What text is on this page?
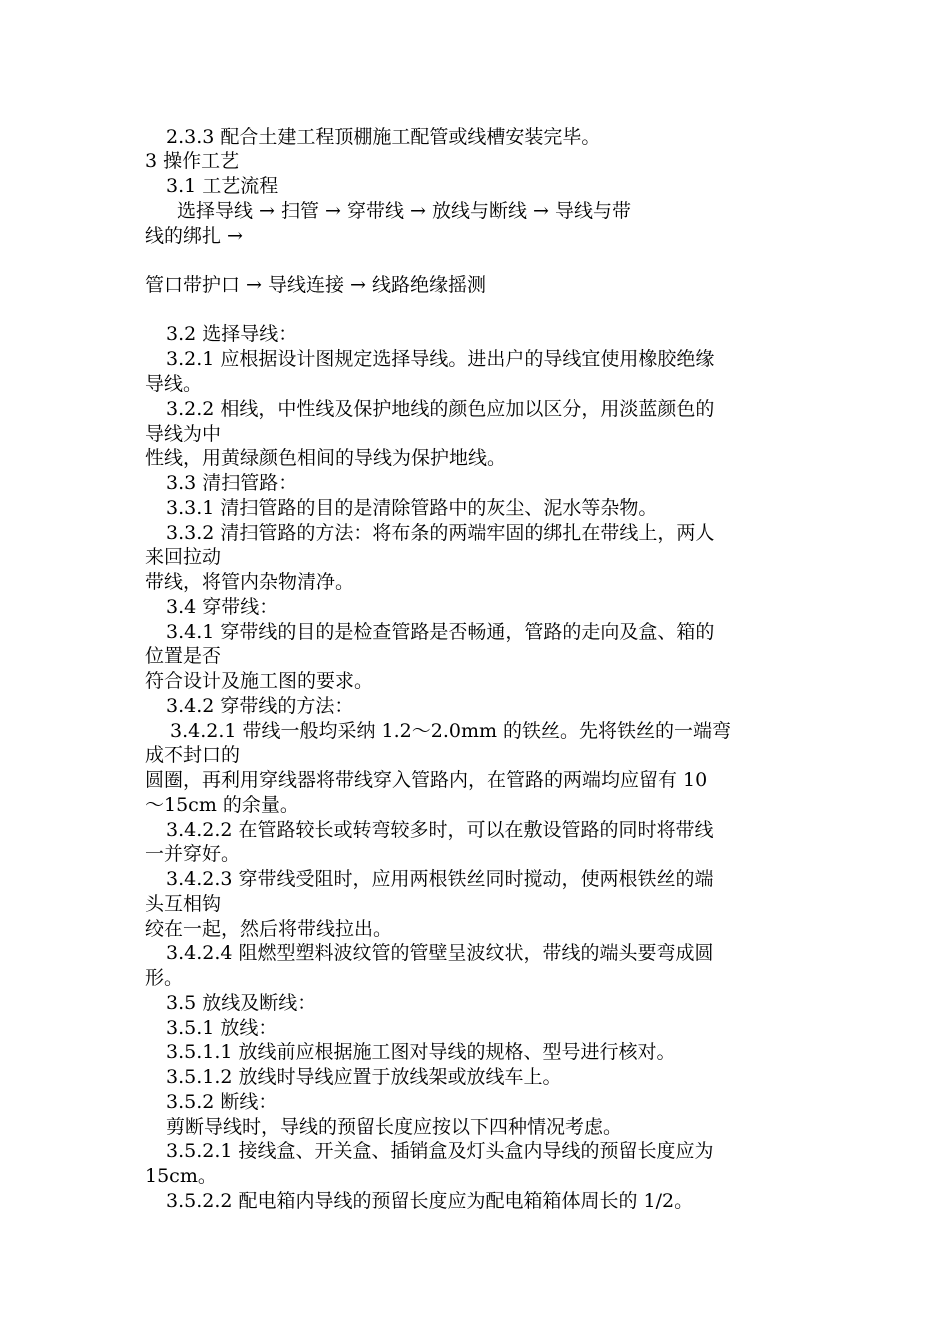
2.3.3 配合土建工程顶棚施工配管或线槽安装完毕。
3 操作工艺
3.1 工艺流程
选择导线 → 扫管 → 穿带线 → 放线与断线 → 导线与带
线的绑扎 →
管口带护口 → 导线连接 → 线路绝缘摇测
3.2 选择导线：
3.2.1 应根据设计图规定选择导线。进出户的导线宜使用橡胶绝缘
导线。
3.2.2 相线，中性线及保护地线的颜色应加以区分，用淡蓝颜色的
导线为中
性线，用黄绿颜色相间的导线为保护地线。
3.3 清扫管路：
3.3.1 清扫管路的目的是清除管路中的灰尘、泥水等杂物。
3.3.2 清扫管路的方法：将布条的两端牢固的绑扎在带线上，两人
来回拉动
带线，将管内杂物清净。
3.4 穿带线：
3.4.1 穿带线的目的是检查管路是否畅通，管路的走向及盒、箱的
位置是否
符合设计及施工图的要求。
3.4.2 穿带线的方法：
3.4.2.1 带线一般均采纳 1.2～2.0mm 的铁丝。先将铁丝的一端弯
成不封口的
圆圈，再利用穿线器将带线穿入管路内，在管路的两端均应留有 10
～15cm 的余量。
3.4.2.2 在管路较长或转弯较多时，可以在敷设管路的同时将带线
一并穿好。
3.4.2.3 穿带线受阻时，应用两根铁丝同时搅动，使两根铁丝的端
头互相钩
绞在一起，然后将带线拉出。
3.4.2.4 阻燃型塑料波纹管的管壁呈波纹状，带线的端头要弯成圆
形。
3.5 放线及断线：
3.5.1 放线：
3.5.1.1 放线前应根据施工图对导线的规格、型号进行核对。
3.5.1.2 放线时导线应置于放线架或放线车上。
3.5.2 断线：
剪断导线时，导线的预留长度应按以下四种情况考虑。
3.5.2.1 接线盒、开关盒、插销盒及灯头盒内导线的预留长度应为
15cm。
3.5.2.2 配电箱内导线的预留长度应为配电箱箱体周长的 1/2。
